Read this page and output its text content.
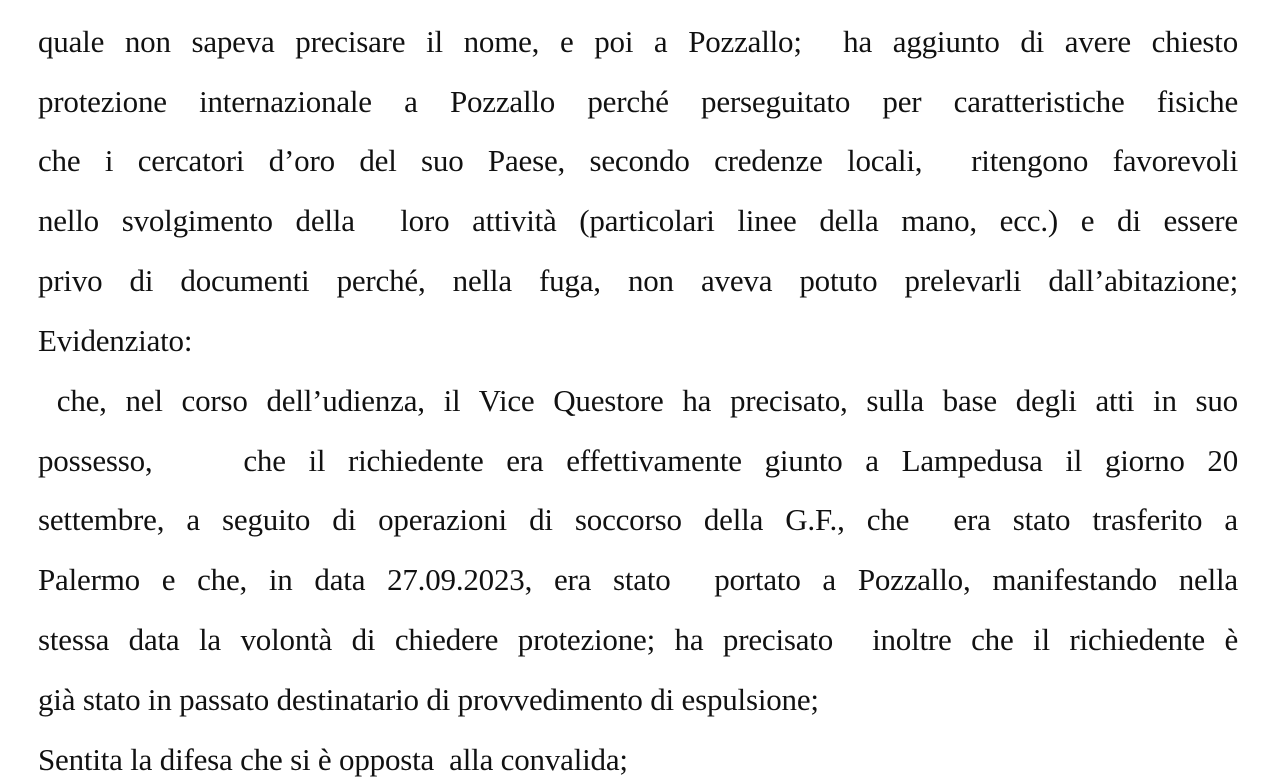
quale non sapeva precisare il nome, e poi a Pozzallo;  ha aggiunto di avere chiesto
protezione internazionale a Pozzallo perché perseguitato per caratteristiche fisiche
che i cercatori d’oro del suo Paese, secondo credenze locali,  ritengono favorevoli
nello svolgimento della  loro attività (particolari linee della mano, ecc.) e di essere
privo di documenti perché, nella fuga, non aveva potuto prelevarli dall’abitazione;
Evidenziato:
che, nel corso dell’udienza, il Vice Questore ha precisato, sulla base degli atti in suo
possesso,    che il richiedente era effettivamente giunto a Lampedusa il giorno 20
settembre, a seguito di operazioni di soccorso della G.F., che  era stato trasferito a
Palermo e che, in data 27.09.2023, era stato  portato a Pozzallo, manifestando nella
stessa data la volontà di chiedere protezione; ha precisato  inoltre che il richiedente è
già stato in passato destinatario di provvedimento di espulsione;
Sentita la difesa che si è opposta  alla convalida;
